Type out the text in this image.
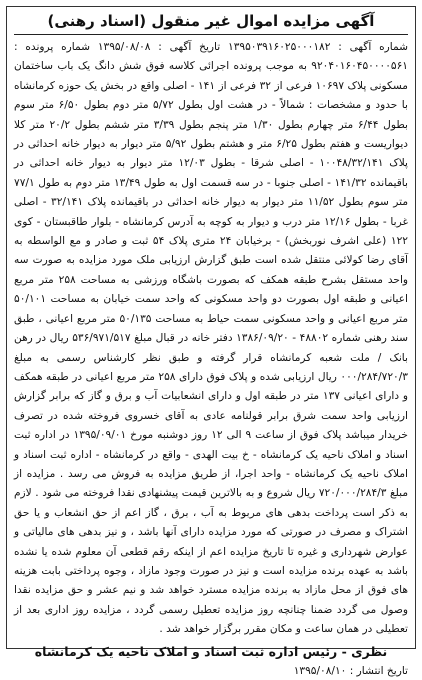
آگهی مزایده اموال غیر منقول (اسناد رهنی)

شماره آگهی : ۱۳۹۵۰۳۹۱۶۰۲۵۰۰۰۱۸۲ تاریخ آگهی : ۱۳۹۵/۰۸/۰۸ شماره پرونده : ۹۲۰۴۰۱۶۰۴۵۰۰۰۰۵۶۱ به موجب پرونده اجرائی کلاسه فوق شش دانگ یک باب ساختمان مسکونی پلاک ۱۰۶۹۷ فرعی از ۳۲ فرعی از ۱۴۱ - اصلی واقع در بخش یک حوزه کرمانشاه با حدود و مشخصات : شمالاً - در هشت اول بطول ۵/۷۲ متر دوم بطول ۶/۵۰ متر سوم بطول ۶/۴۴ متر چهارم بطول ۱/۳۰ متر پنجم بطول ۳/۳۹ متر ششم بطول ۲۰/۲ متر کلا دیواریست و هفتم بطول ۶/۲۵ متر و هشتم بطول ۵/۹۲ متر دیوار به دیوار خانه احداثی در پلاک ۱۰۰۴۸/۳۲/۱۴۱ - اصلی شرقا - بطول ۱۲/۰۳ متر دیوار به دیوار خانه احداثی در باقیمانده ۱۴۱/۳۲ - اصلی جنوبا - در سه قسمت اول به طول ۱۳/۴۹ متر دوم به طول ۷۷/۱ متر سوم بطول ۱۱/۵۲ متر دیوار به دیوار خانه احداثی در باقیمانده پلاک ۳۲/۱۴۱ - اصلی غربا - بطول ۱۲/۱۶ متر درب و دیوار به کوچه به آدرس کرمانشاه - بلوار طاقبستان - کوی ۱۲۲ (علی اشرف نوربخش) - برخیابان ۲۴ متری پلاک ۵۴ ثبت و صادر و مع الواسطه به آقای رضا کولائی منتقل شده است طبق گزارش ارزیابی ملک مورد مزایده به صورت سه واحد مستقل بشرح طبقه همکف که بصورت باشگاه ورزشی به مساحت ۲۵۸ متر مربع اعیانی و طبقه اول بصورت دو واحد مسکونی که واحد سمت خیابان به مساحت ۵۰/۱۰۱ متر مربع اعیانی و واحد مسکونی سمت حیاط به مساحت ۵۰/۱۳۵ متر مربع اعیانی ، طبق سند رهنی شماره ۴۸۸۰۲ - ۱۳۸۶/۰۹/۲۰ دفتر خانه در قبال مبلغ ۵۳۶/۹۷۱/۵۱۷ ریال در رهن بانک / ملت شعبه کرمانشاه قرار گرفته و طبق نظر کارشناس رسمی به مبلغ ۰۰۰/۲۸۴/۷۲۰/۳ ریال ارزیابی شده و پلاک فوق دارای ۲۵۸ متر مربع اعیانی در طبقه همکف و دارای اعیانی ۱۳۷ متر در طبقه اول و دارای انشعابیات آب و برق و گاز که برابر گزارش ارزیابی واحد سمت شرق برابر قولنامه عادی به آقای خسروی فروخته شده در تصرف خریدار میباشد پلاک فوق از ساعت ۹ الی ۱۲ روز دوشنبه مورخ ۱۳۹۵/۰۹/۰۱ در اداره ثبت اسناد و املاک ناحیه یک کرمانشاه - خ بیت الهدی - واقع در کرمانشاه - اداره ثبت اسناد و املاک ناحیه یک کرمانشاه - واحد اجرا، از طریق مزایده به فروش می رسد . مزایده از مبلغ ۷۲۰/۰۰۰/۲۸۴/۳ ریال شروع و به بالاترین قیمت پیشنهادی نقدا فروخته می شود . لازم به ذکر است پرداخت بدهی های مربوط به آب ، برق ، گاز اعم از حق انشعاب و یا حق اشتراک و مصرف در صورتی که مورد مزایده دارای آنها باشد ، و نیز بدهی های مالیاتی و عوارض شهرداری و غیره تا تاریخ مزایده اعم از اینکه رقم قطعی آن معلوم شده یا نشده باشد به عهده برنده مزایده است و نیز در صورت وجود مازاد ، وجوه پرداختی بابت هزینه های فوق از محل مازاد به برنده مزایده مسترد خواهد شد و نیم عشر و حق مزایده نقدا وصول می گردد ضمنا چنانچه روز مزایده تعطیل رسمی گردد ، مزایده روز اداری بعد از تعطیلی در همان ساعت و مکان مقرر برگزار خواهد شد .

نظری - رئیس اداره ثبت اسناد و املاک ناحیه یک کرمانشاه
تاریخ انتشار : ۱۳۹۵/۰۸/۱۰
